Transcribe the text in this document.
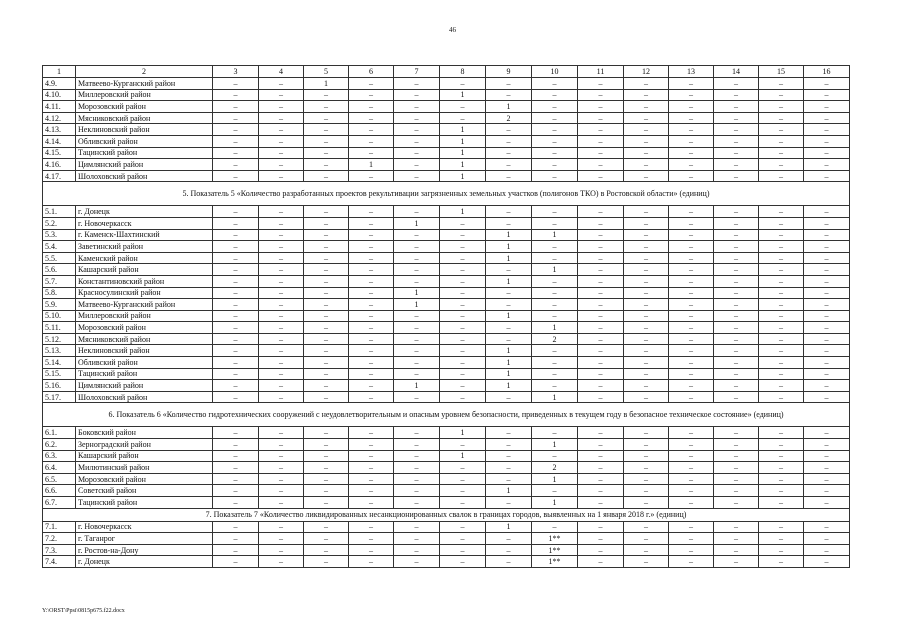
46
1	2	3	4	5	6	7	8	9	10	11	12	13	14	15	16
4.9.	Матвеево-Курганский район	–	–	1	–	–	–	–	–	–	–	–	–	–	–
4.10.	Миллеровский район	–	–	–	–	–	1	–	–	–	–	–	–	–	–
4.11.	Морозовский район	–	–	–	–	–	–	1	–	–	–	–	–	–	–
4.12.	Мясниковский район	–	–	–	–	–	–	2	–	–	–	–	–	–	–
4.13.	Неклиновский район	–	–	–	–	–	1	–	–	–	–	–	–	–	–
4.14.	Обливский район	–	–	–	–	–	1	–	–	–	–	–	–	–	–
4.15.	Тацинский район	–	–	–	–	–	1	–	–	–	–	–	–	–	–
4.16.	Цимлянский район	–	–	–	1	–	1	–	–	–	–	–	–	–	–
4.17.	Шолоховский район	–	–	–	–	–	1	–	–	–	–	–	–	–	–
5. Показатель 5 «Количество разработанных проектов рекультивации загрязненных земельных участков (полигонов ТКО) в Ростовской области» (единиц)															
5.1.	г. Донецк	–	–	–	–	–	1	–	–	–	–	–	–	–	–
5.2.	г. Новочеркасск	–	–	–	–	1	–	–	–	–	–	–	–	–	–
5.3.	г. Каменск-Шахтинский	–	–	–	–	–	–	1	1	–	–	–	–	–	–
5.4.	Заветинский район	–	–	–	–	–	–	1	–	–	–	–	–	–	–
5.5.	Каменский район	–	–	–	–	–	–	1	–	–	–	–	–	–	–
5.6.	Кашарский район	–	–	–	–	–	–	–	1	–	–	–	–	–	–
5.7.	Константиновский район	–	–	–	–	–	–	1	–	–	–	–	–	–	–
5.8.	Красносулинский район	–	–	–	–	1	–	–	–	–	–	–	–	–	–
5.9.	Матвеево-Курганский район	–	–	–	–	1	–	–	–	–	–	–	–	–	–
5.10.	Миллеровский район	–	–	–	–	–	–	1	–	–	–	–	–	–	–
5.11.	Морозовский район	–	–	–	–	–	–	–	1	–	–	–	–	–	–
5.12.	Мясниковский район	–	–	–	–	–	–	–	2	–	–	–	–	–	–
5.13.	Неклиновский район	–	–	–	–	–	–	1	–	–	–	–	–	–	–
5.14.	Обливский район	–	–	–	–	–	–	1	–	–	–	–	–	–	–
5.15.	Тацинский район	–	–	–	–	–	–	1	–	–	–	–	–	–	–
5.16.	Цимлянский район	–	–	–	–	1	–	1	–	–	–	–	–	–	–
5.17.	Шолоховский район	–	–	–	–	–	–	–	1	–	–	–	–	–	–
6. Показатель 6 «Количество гидротехнических сооружений с неудовлетворительным и опасным уровнем безопасности, приведенных в текущем году в безопасное техническое состояние» (единиц)															
6.1.	Боковский район	–	–	–	–	–	1	–	–	–	–	–	–	–	–
6.2.	Зерноградский район	–	–	–	–	–	–	–	1	–	–	–	–	–	–
6.3.	Кашарский район	–	–	–	–	–	1	–	–	–	–	–	–	–	–
6.4.	Милютинский район	–	–	–	–	–	–	–	2	–	–	–	–	–	–
6.5.	Морозовский район	–	–	–	–	–	–	–	1	–	–	–	–	–	–
6.6.	Советский район	–	–	–	–	–	–	1	–	–	–	–	–	–	–
6.7.	Тацинский район	–	–	–	–	–	–	–	1	–	–	–	–	–	–
7. Показатель 7 «Количество ликвидированных несанкционированных свалок в границах городов, выявленных на 1 января 2018 г.» (единиц)															
7.1.	г. Новочеркасск	–	–	–	–	–	–	1	–	–	–	–	–	–	–
7.2.	г. Таганрог	–	–	–	–	–	–	–	1**	–	–	–	–	–	–
7.3.	г. Ростов-на-Дону	–	–	–	–	–	–	–	1**	–	–	–	–	–	–
7.4.	г. Донецк	–	–	–	–	–	–	–	1**	–	–	–	–	–	–
Y:\ORST\Ppsi\0815p675.f22.docx
